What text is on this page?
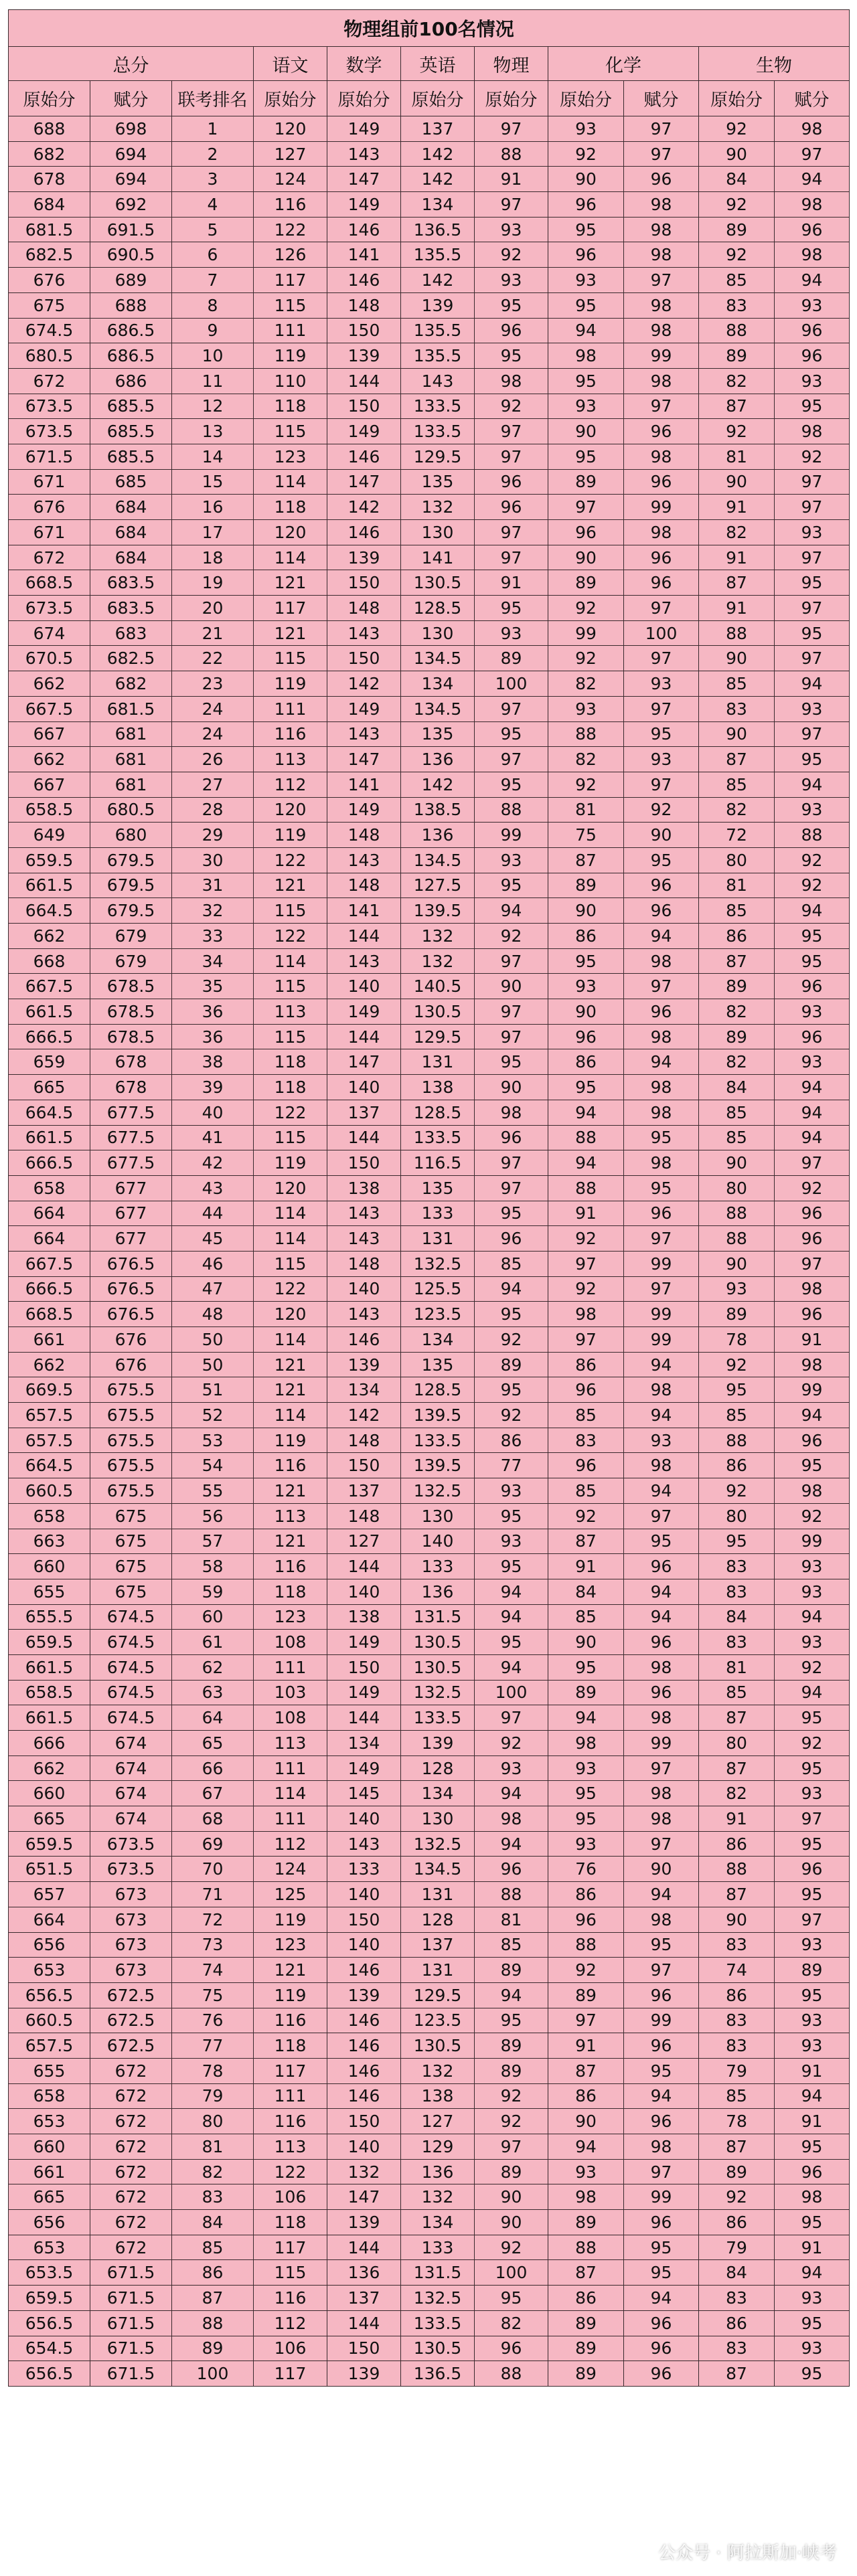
物理组前100名情况										
总分			语文	数学	英语	物理	化学		生物	
原始分	赋分	联考排名	原始分	原始分	原始分	原始分	原始分	赋分	原始分	赋分
688	698	1	120	149	137	97	93	97	92	98
682	694	2	127	143	142	88	92	97	90	97
678	694	3	124	147	142	91	90	96	84	94
684	692	4	116	149	134	97	96	98	92	98
681.5	691.5	5	122	146	136.5	93	95	98	89	96
682.5	690.5	6	126	141	135.5	92	96	98	92	98
676	689	7	117	146	142	93	93	97	85	94
675	688	8	115	148	139	95	95	98	83	93
674.5	686.5	9	111	150	135.5	96	94	98	88	96
680.5	686.5	10	119	139	135.5	95	98	99	89	96
672	686	11	110	144	143	98	95	98	82	93
673.5	685.5	12	118	150	133.5	92	93	97	87	95
673.5	685.5	13	115	149	133.5	97	90	96	92	98
671.5	685.5	14	123	146	129.5	97	95	98	81	92
671	685	15	114	147	135	96	89	96	90	97
676	684	16	118	142	132	96	97	99	91	97
671	684	17	120	146	130	97	96	98	82	93
672	684	18	114	139	141	97	90	96	91	97
668.5	683.5	19	121	150	130.5	91	89	96	87	95
673.5	683.5	20	117	148	128.5	95	92	97	91	97
674	683	21	121	143	130	93	99	100	88	95
670.5	682.5	22	115	150	134.5	89	92	97	90	97
662	682	23	119	142	134	100	82	93	85	94
667.5	681.5	24	111	149	134.5	97	93	97	83	93
667	681	24	116	143	135	95	88	95	90	97
662	681	26	113	147	136	97	82	93	87	95
667	681	27	112	141	142	95	92	97	85	94
658.5	680.5	28	120	149	138.5	88	81	92	82	93
649	680	29	119	148	136	99	75	90	72	88
659.5	679.5	30	122	143	134.5	93	87	95	80	92
661.5	679.5	31	121	148	127.5	95	89	96	81	92
664.5	679.5	32	115	141	139.5	94	90	96	85	94
662	679	33	122	144	132	92	86	94	86	95
668	679	34	114	143	132	97	95	98	87	95
667.5	678.5	35	115	140	140.5	90	93	97	89	96
661.5	678.5	36	113	149	130.5	97	90	96	82	93
666.5	678.5	36	115	144	129.5	97	96	98	89	96
659	678	38	118	147	131	95	86	94	82	93
665	678	39	118	140	138	90	95	98	84	94
664.5	677.5	40	122	137	128.5	98	94	98	85	94
661.5	677.5	41	115	144	133.5	96	88	95	85	94
666.5	677.5	42	119	150	116.5	97	94	98	90	97
658	677	43	120	138	135	97	88	95	80	92
664	677	44	114	143	133	95	91	96	88	96
664	677	45	114	143	131	96	92	97	88	96
667.5	676.5	46	115	148	132.5	85	97	99	90	97
666.5	676.5	47	122	140	125.5	94	92	97	93	98
668.5	676.5	48	120	143	123.5	95	98	99	89	96
661	676	50	114	146	134	92	97	99	78	91
662	676	50	121	139	135	89	86	94	92	98
669.5	675.5	51	121	134	128.5	95	96	98	95	99
657.5	675.5	52	114	142	139.5	92	85	94	85	94
657.5	675.5	53	119	148	133.5	86	83	93	88	96
664.5	675.5	54	116	150	139.5	77	96	98	86	95
660.5	675.5	55	121	137	132.5	93	85	94	92	98
658	675	56	113	148	130	95	92	97	80	92
663	675	57	121	127	140	93	87	95	95	99
660	675	58	116	144	133	95	91	96	83	93
655	675	59	118	140	136	94	84	94	83	93
655.5	674.5	60	123	138	131.5	94	85	94	84	94
659.5	674.5	61	108	149	130.5	95	90	96	83	93
661.5	674.5	62	111	150	130.5	94	95	98	81	92
658.5	674.5	63	103	149	132.5	100	89	96	85	94
661.5	674.5	64	108	144	133.5	97	94	98	87	95
666	674	65	113	134	139	92	98	99	80	92
662	674	66	111	149	128	93	93	97	87	95
660	674	67	114	145	134	94	95	98	82	93
665	674	68	111	140	130	98	95	98	91	97
659.5	673.5	69	112	143	132.5	94	93	97	86	95
651.5	673.5	70	124	133	134.5	96	76	90	88	96
657	673	71	125	140	131	88	86	94	87	95
664	673	72	119	150	128	81	96	98	90	97
656	673	73	123	140	137	85	88	95	83	93
653	673	74	121	146	131	89	92	97	74	89
656.5	672.5	75	119	139	129.5	94	89	96	86	95
660.5	672.5	76	116	146	123.5	95	97	99	83	93
657.5	672.5	77	118	146	130.5	89	91	96	83	93
655	672	78	117	146	132	89	87	95	79	91
658	672	79	111	146	138	92	86	94	85	94
653	672	80	116	150	127	92	90	96	78	91
660	672	81	113	140	129	97	94	98	87	95
661	672	82	122	132	136	89	93	97	89	96
665	672	83	106	147	132	90	98	99	92	98
656	672	84	118	139	134	90	89	96	86	95
653	672	85	117	144	133	92	88	95	79	91
653.5	671.5	86	115	136	131.5	100	87	95	84	94
659.5	671.5	87	116	137	132.5	95	86	94	83	93
656.5	671.5	88	112	144	133.5	82	89	96	86	95
654.5	671.5	89	106	150	130.5	96	89	96	83	93
656.5	671.5	100	117	139	136.5	88	89	96	87	95
公众号 · 阿拉斯加·峡考
